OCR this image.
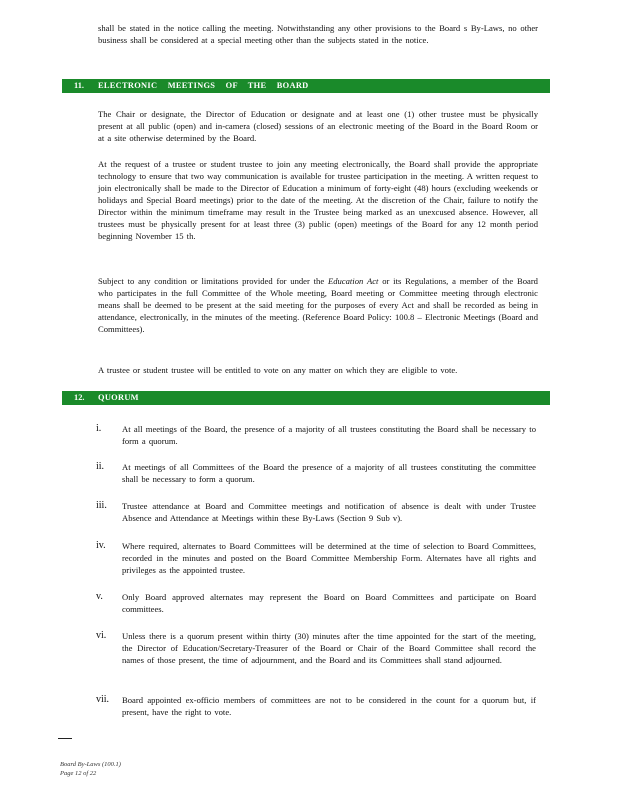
shall be stated in the notice calling the meeting. Notwithstanding any other provisions to the Board s By-Laws, no other business shall be considered at a special meeting other than the subjects stated in the notice.
11. ELECTRONIC MEETINGS OF THE BOARD
The Chair or designate, the Director of Education or designate and at least one (1) other trustee must be physically present at all public (open) and in-camera (closed) sessions of an electronic meeting of the Board in the Board Room or at a site otherwise determined by the Board.
At the request of a trustee or student trustee to join any meeting electronically, the Board shall provide the appropriate technology to ensure that two way communication is available for trustee participation in the meeting. A written request to join electronically shall be made to the Director of Education a minimum of forty-eight (48) hours (excluding weekends or holidays and Special Board meetings) prior to the date of the meeting. At the discretion of the Chair, failure to notify the Director within the minimum timeframe may result in the Trustee being marked as an unexcused absence. However, all trustees must be physically present for at least three (3) public (open) meetings of the Board for any 12 month period beginning November 15 th.
Subject to any condition or limitations provided for under the Education Act or its Regulations, a member of the Board who participates in the full Committee of the Whole meeting, Board meeting or Committee meeting through electronic means shall be deemed to be present at the said meeting for the purposes of every Act and shall be recorded as being in attendance, electronically, in the minutes of the meeting. (Reference Board Policy: 100.8 – Electronic Meetings (Board and Committees).
A trustee or student trustee will be entitled to vote on any matter on which they are eligible to vote.
12. QUORUM
i.	At all meetings of the Board, the presence of a majority of all trustees constituting the Board shall be necessary to form a quorum.
ii.	At meetings of all Committees of the Board the presence of a majority of all trustees constituting the committee shall be necessary to form a quorum.
iii.	Trustee attendance at Board and Committee meetings and notification of absence is dealt with under Trustee Absence and Attendance at Meetings within these By-Laws (Section 9 Sub v).
iv.	Where required, alternates to Board Committees will be determined at the time of selection to Board Committees, recorded in the minutes and posted on the Board Committee Membership Form. Alternates have all rights and privileges as the appointed trustee.
v.	Only Board approved alternates may represent the Board on Board Committees and participate on Board committees.
vi.	Unless there is a quorum present within thirty (30) minutes after the time appointed for the start of the meeting, the Director of Education/Secretary-Treasurer of the Board or Chair of the Board Committee shall record the names of those present, the time of adjournment, and the Board and its Committees shall stand adjourned.
vii.	Board appointed ex-officio members of committees are not to be considered in the count for a quorum but, if present, have the right to vote.
Board By-Laws (100.1)
Page 12 of 22
